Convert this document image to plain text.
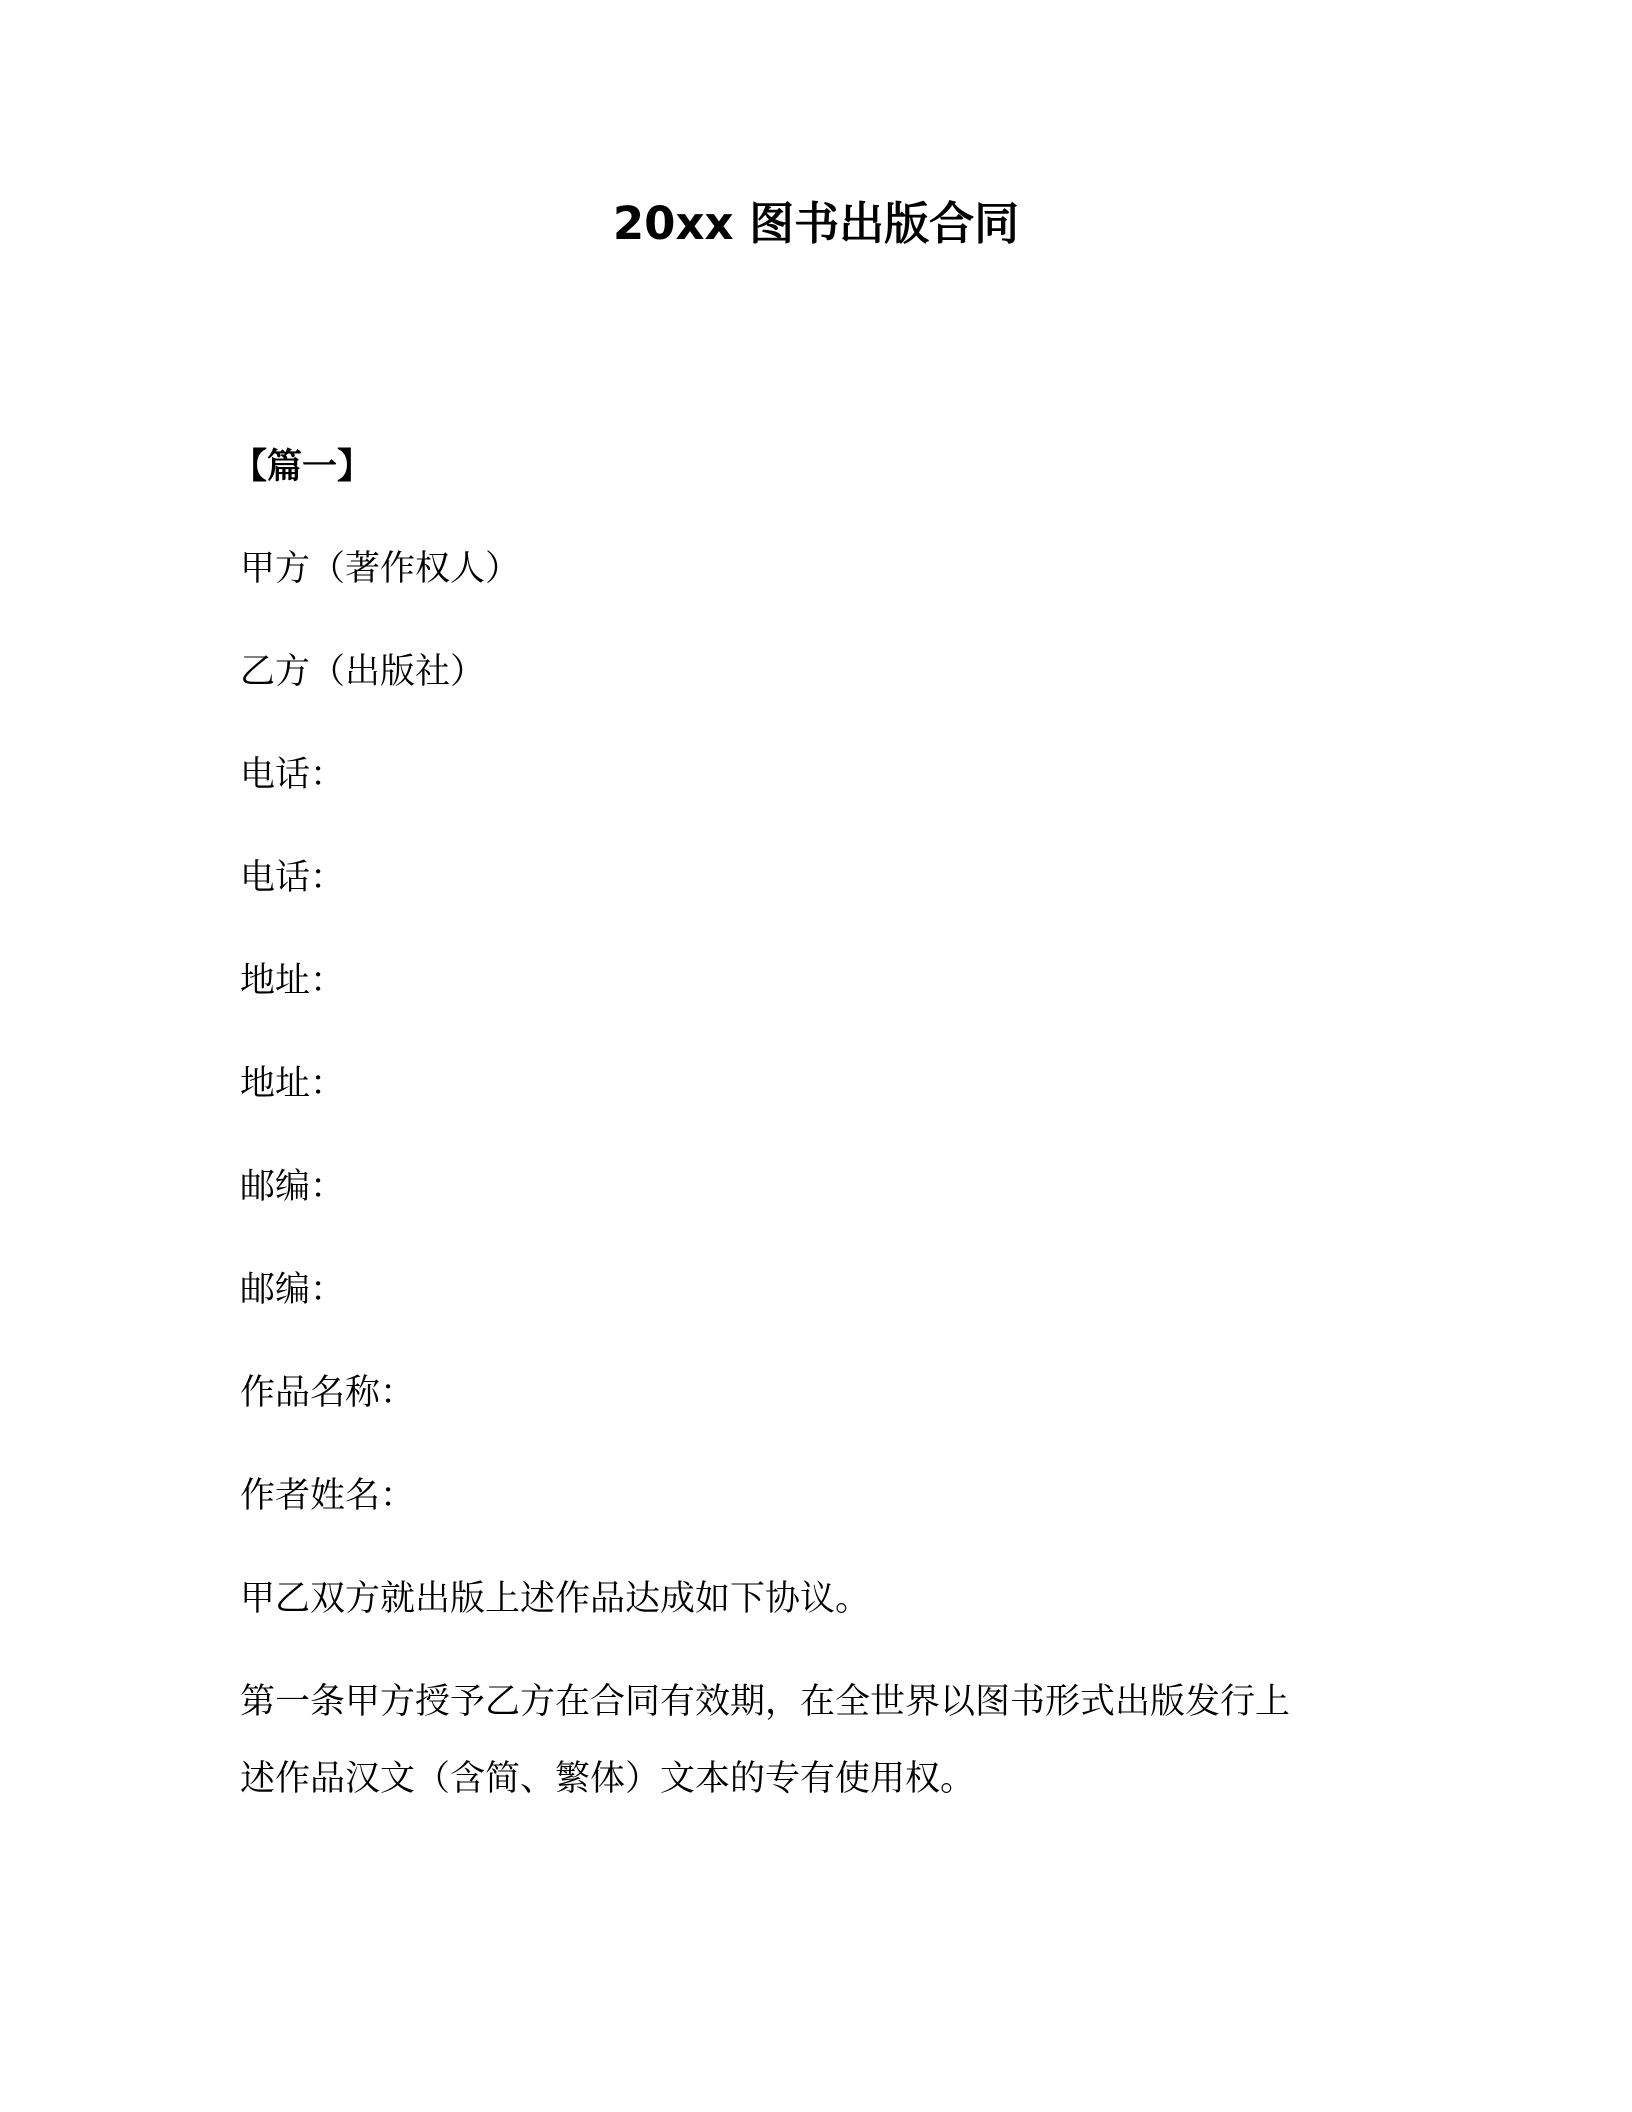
20xx 图书出版合同
【篇一】
甲方（著作权人）
乙方（出版社）
电话：
电话：
地址：
地址：
邮编：
邮编：
作品名称：
作者姓名：
甲乙双方就出版上述作品达成如下协议。
第一条甲方授予乙方在合同有效期，在全世界以图书形式出版发行上
述作品汉文（含简、繁体）文本的专有使用权。
